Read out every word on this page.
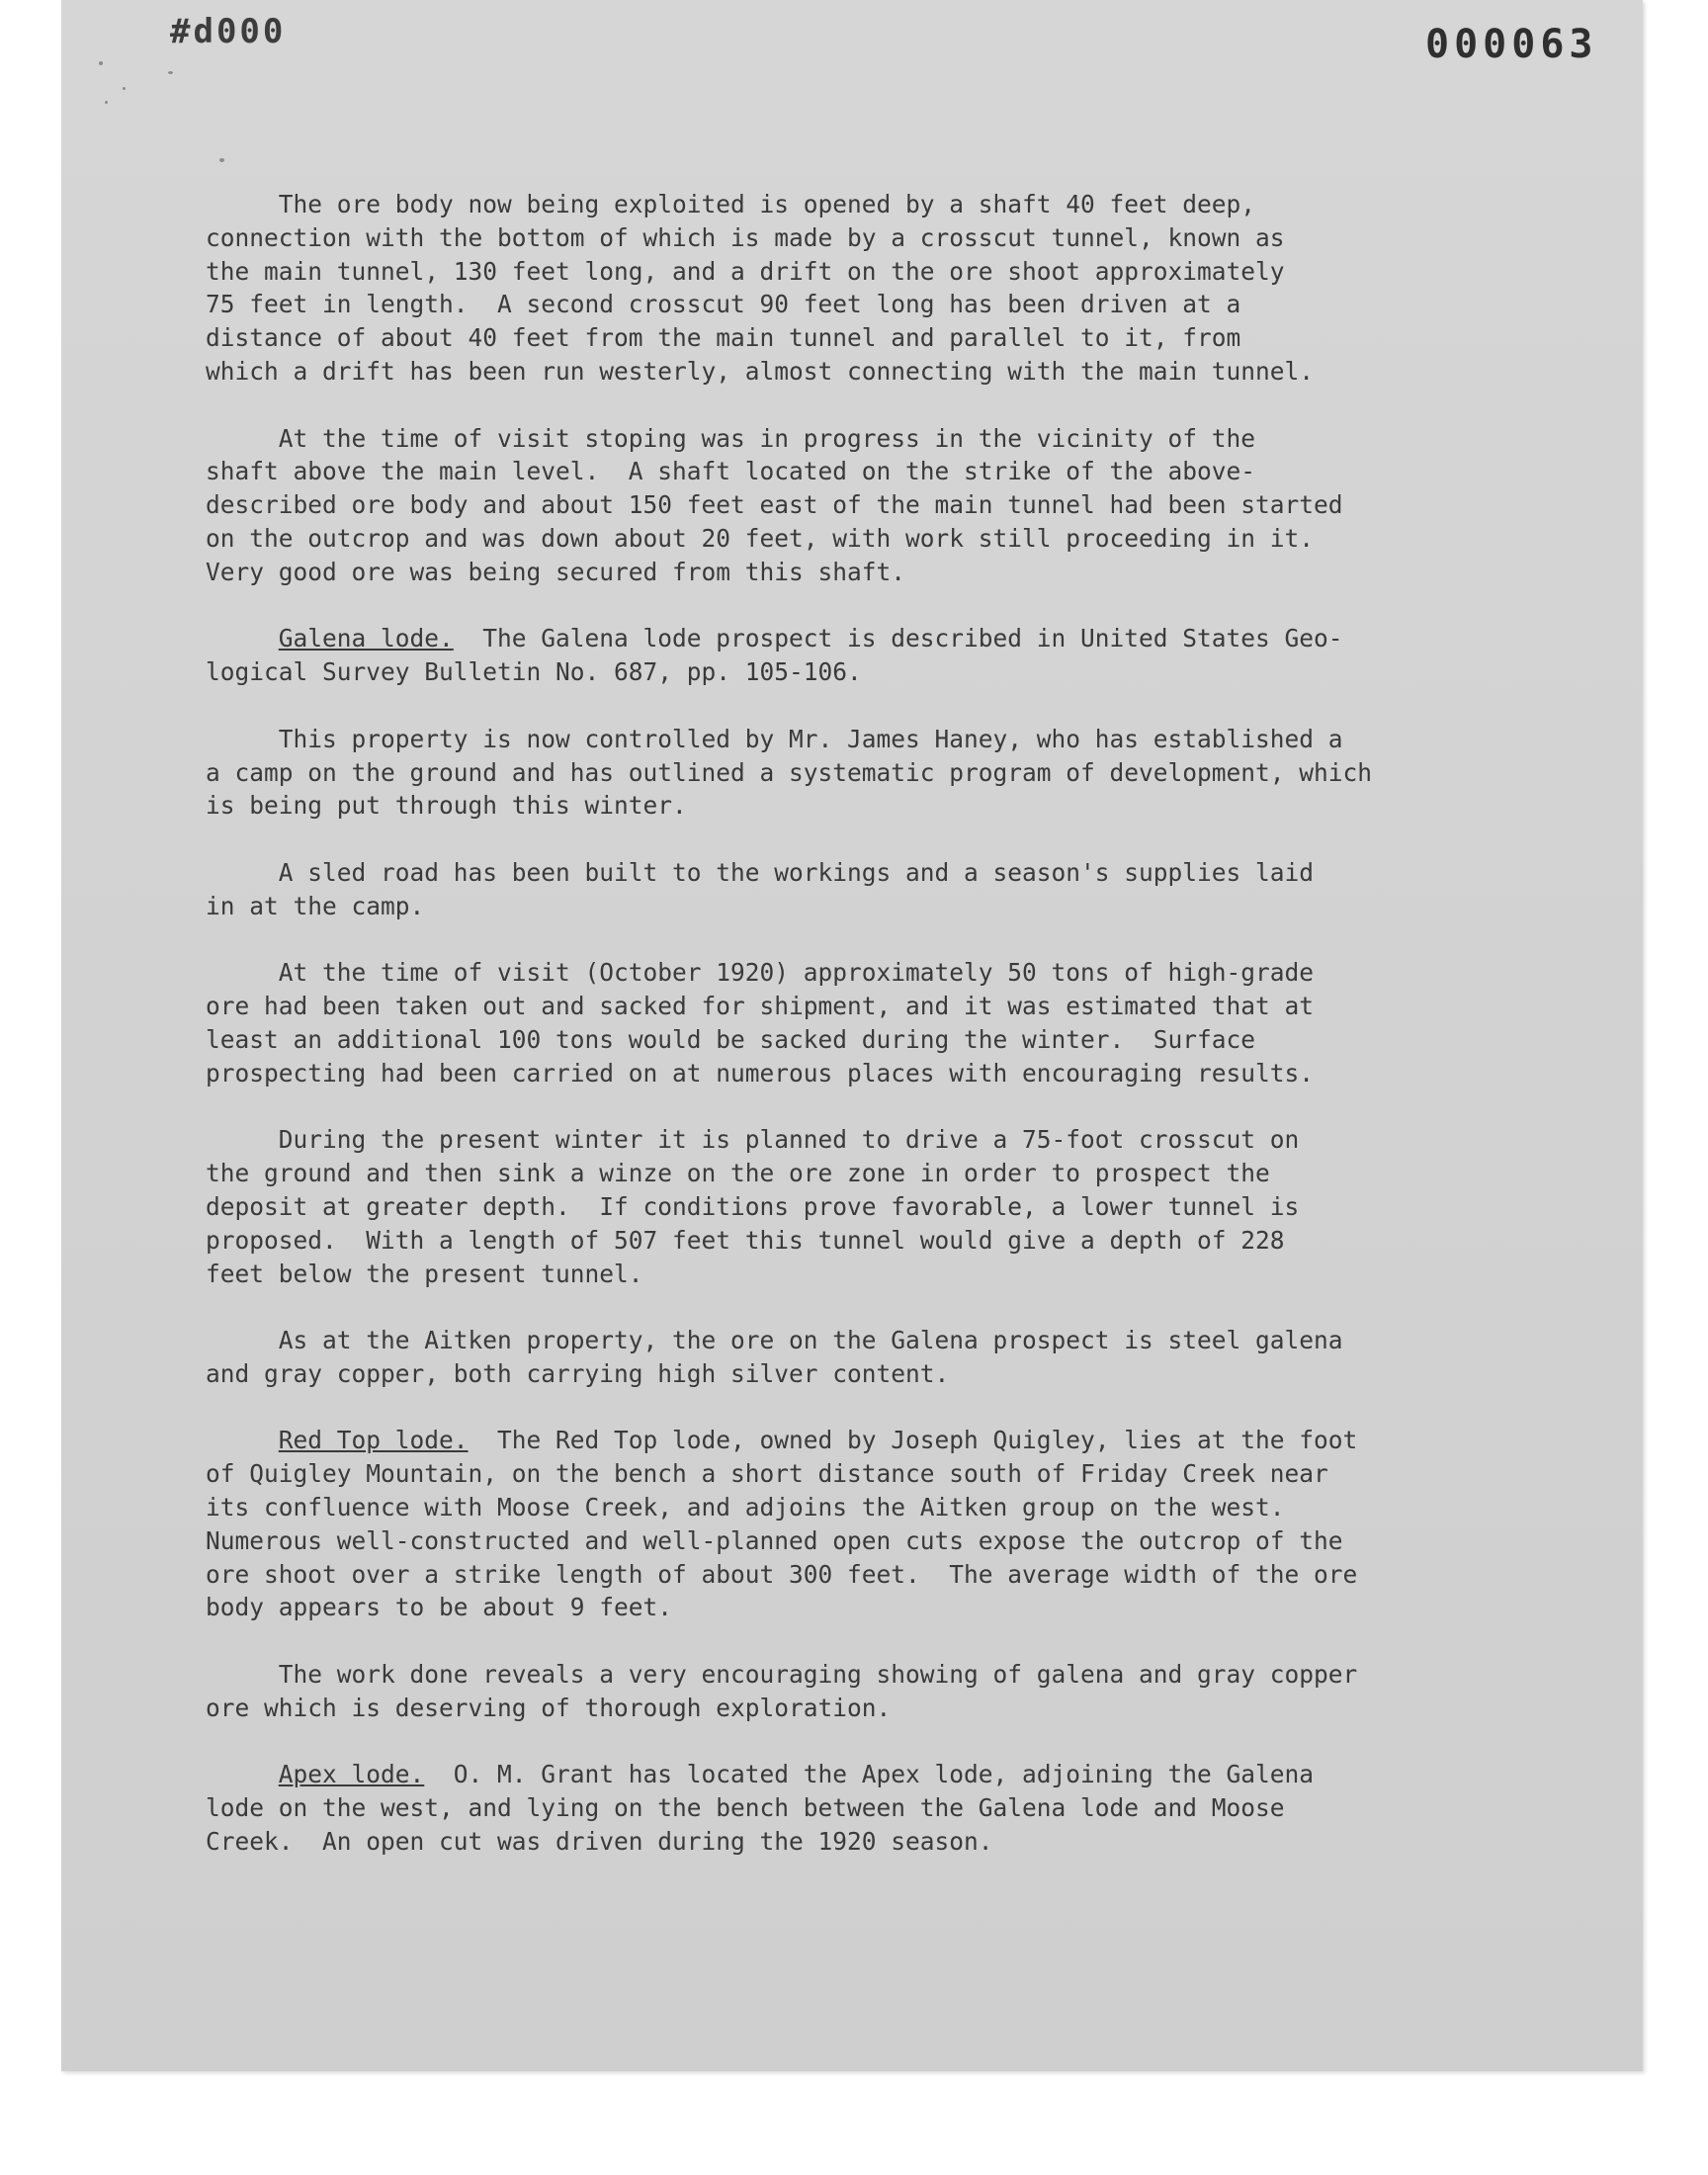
#d000	000063

The ore body now being exploited is opened by a shaft 40 feet deep,
connection with the bottom of which is made by a crosscut tunnel, known as
the main tunnel, 130 feet long, and a drift on the ore shoot approximately
75 feet in length.  A second crosscut 90 feet long has been driven at a
distance of about 40 feet from the main tunnel and parallel to it, from
which a drift has been run westerly, almost connecting with the main tunnel.

At the time of visit stoping was in progress in the vicinity of the
shaft above the main level.  A shaft located on the strike of the above-
described ore body and about 150 feet east of the main tunnel had been started
on the outcrop and was down about 20 feet, with work still proceeding in it.
Very good ore was being secured from this shaft.

Galena lode.  The Galena lode prospect is described in United States Geo-
logical Survey Bulletin No. 687, pp. 105-106.

This property is now controlled by Mr. James Haney, who has established a
a camp on the ground and has outlined a systematic program of development, which
is being put through this winter.

A sled road has been built to the workings and a season's supplies laid
in at the camp.

At the time of visit (October 1920) approximately 50 tons of high-grade
ore had been taken out and sacked for shipment, and it was estimated that at
least an additional 100 tons would be sacked during the winter.  Surface
prospecting had been carried on at numerous places with encouraging results.

During the present winter it is planned to drive a 75-foot crosscut on
the ground and then sink a winze on the ore zone in order to prospect the
deposit at greater depth.  If conditions prove favorable, a lower tunnel is
proposed.  With a length of 507 feet this tunnel would give a depth of 228
feet below the present tunnel.

As at the Aitken property, the ore on the Galena prospect is steel galena
and gray copper, both carrying high silver content.

Red Top lode.  The Red Top lode, owned by Joseph Quigley, lies at the foot
of Quigley Mountain, on the bench a short distance south of Friday Creek near
its confluence with Moose Creek, and adjoins the Aitken group on the west.
Numerous well-constructed and well-planned open cuts expose the outcrop of the
ore shoot over a strike length of about 300 feet.  The average width of the ore
body appears to be about 9 feet.

The work done reveals a very encouraging showing of galena and gray copper
ore which is deserving of thorough exploration.

Apex lode.  O. M. Grant has located the Apex lode, adjoining the Galena
lode on the west, and lying on the bench between the Galena lode and Moose
Creek.  An open cut was driven during the 1920 season.
